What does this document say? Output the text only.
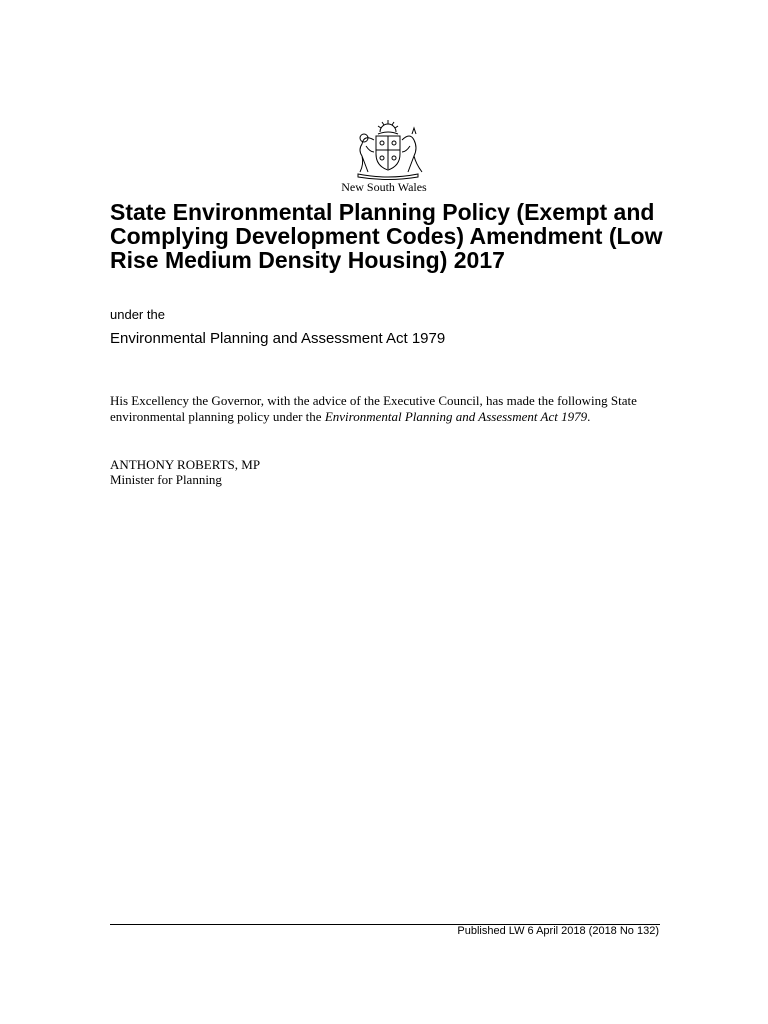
New South Wales
State Environmental Planning Policy (Exempt and Complying Development Codes) Amendment (Low Rise Medium Density Housing) 2017
under the
Environmental Planning and Assessment Act 1979

His Excellency the Governor, with the advice of the Executive Council, has made the following State environmental planning policy under the Environmental Planning and Assessment Act 1979.

ANTHONY ROBERTS, MP
Minister for Planning
Published LW 6 April 2018 (2018 No 132)
